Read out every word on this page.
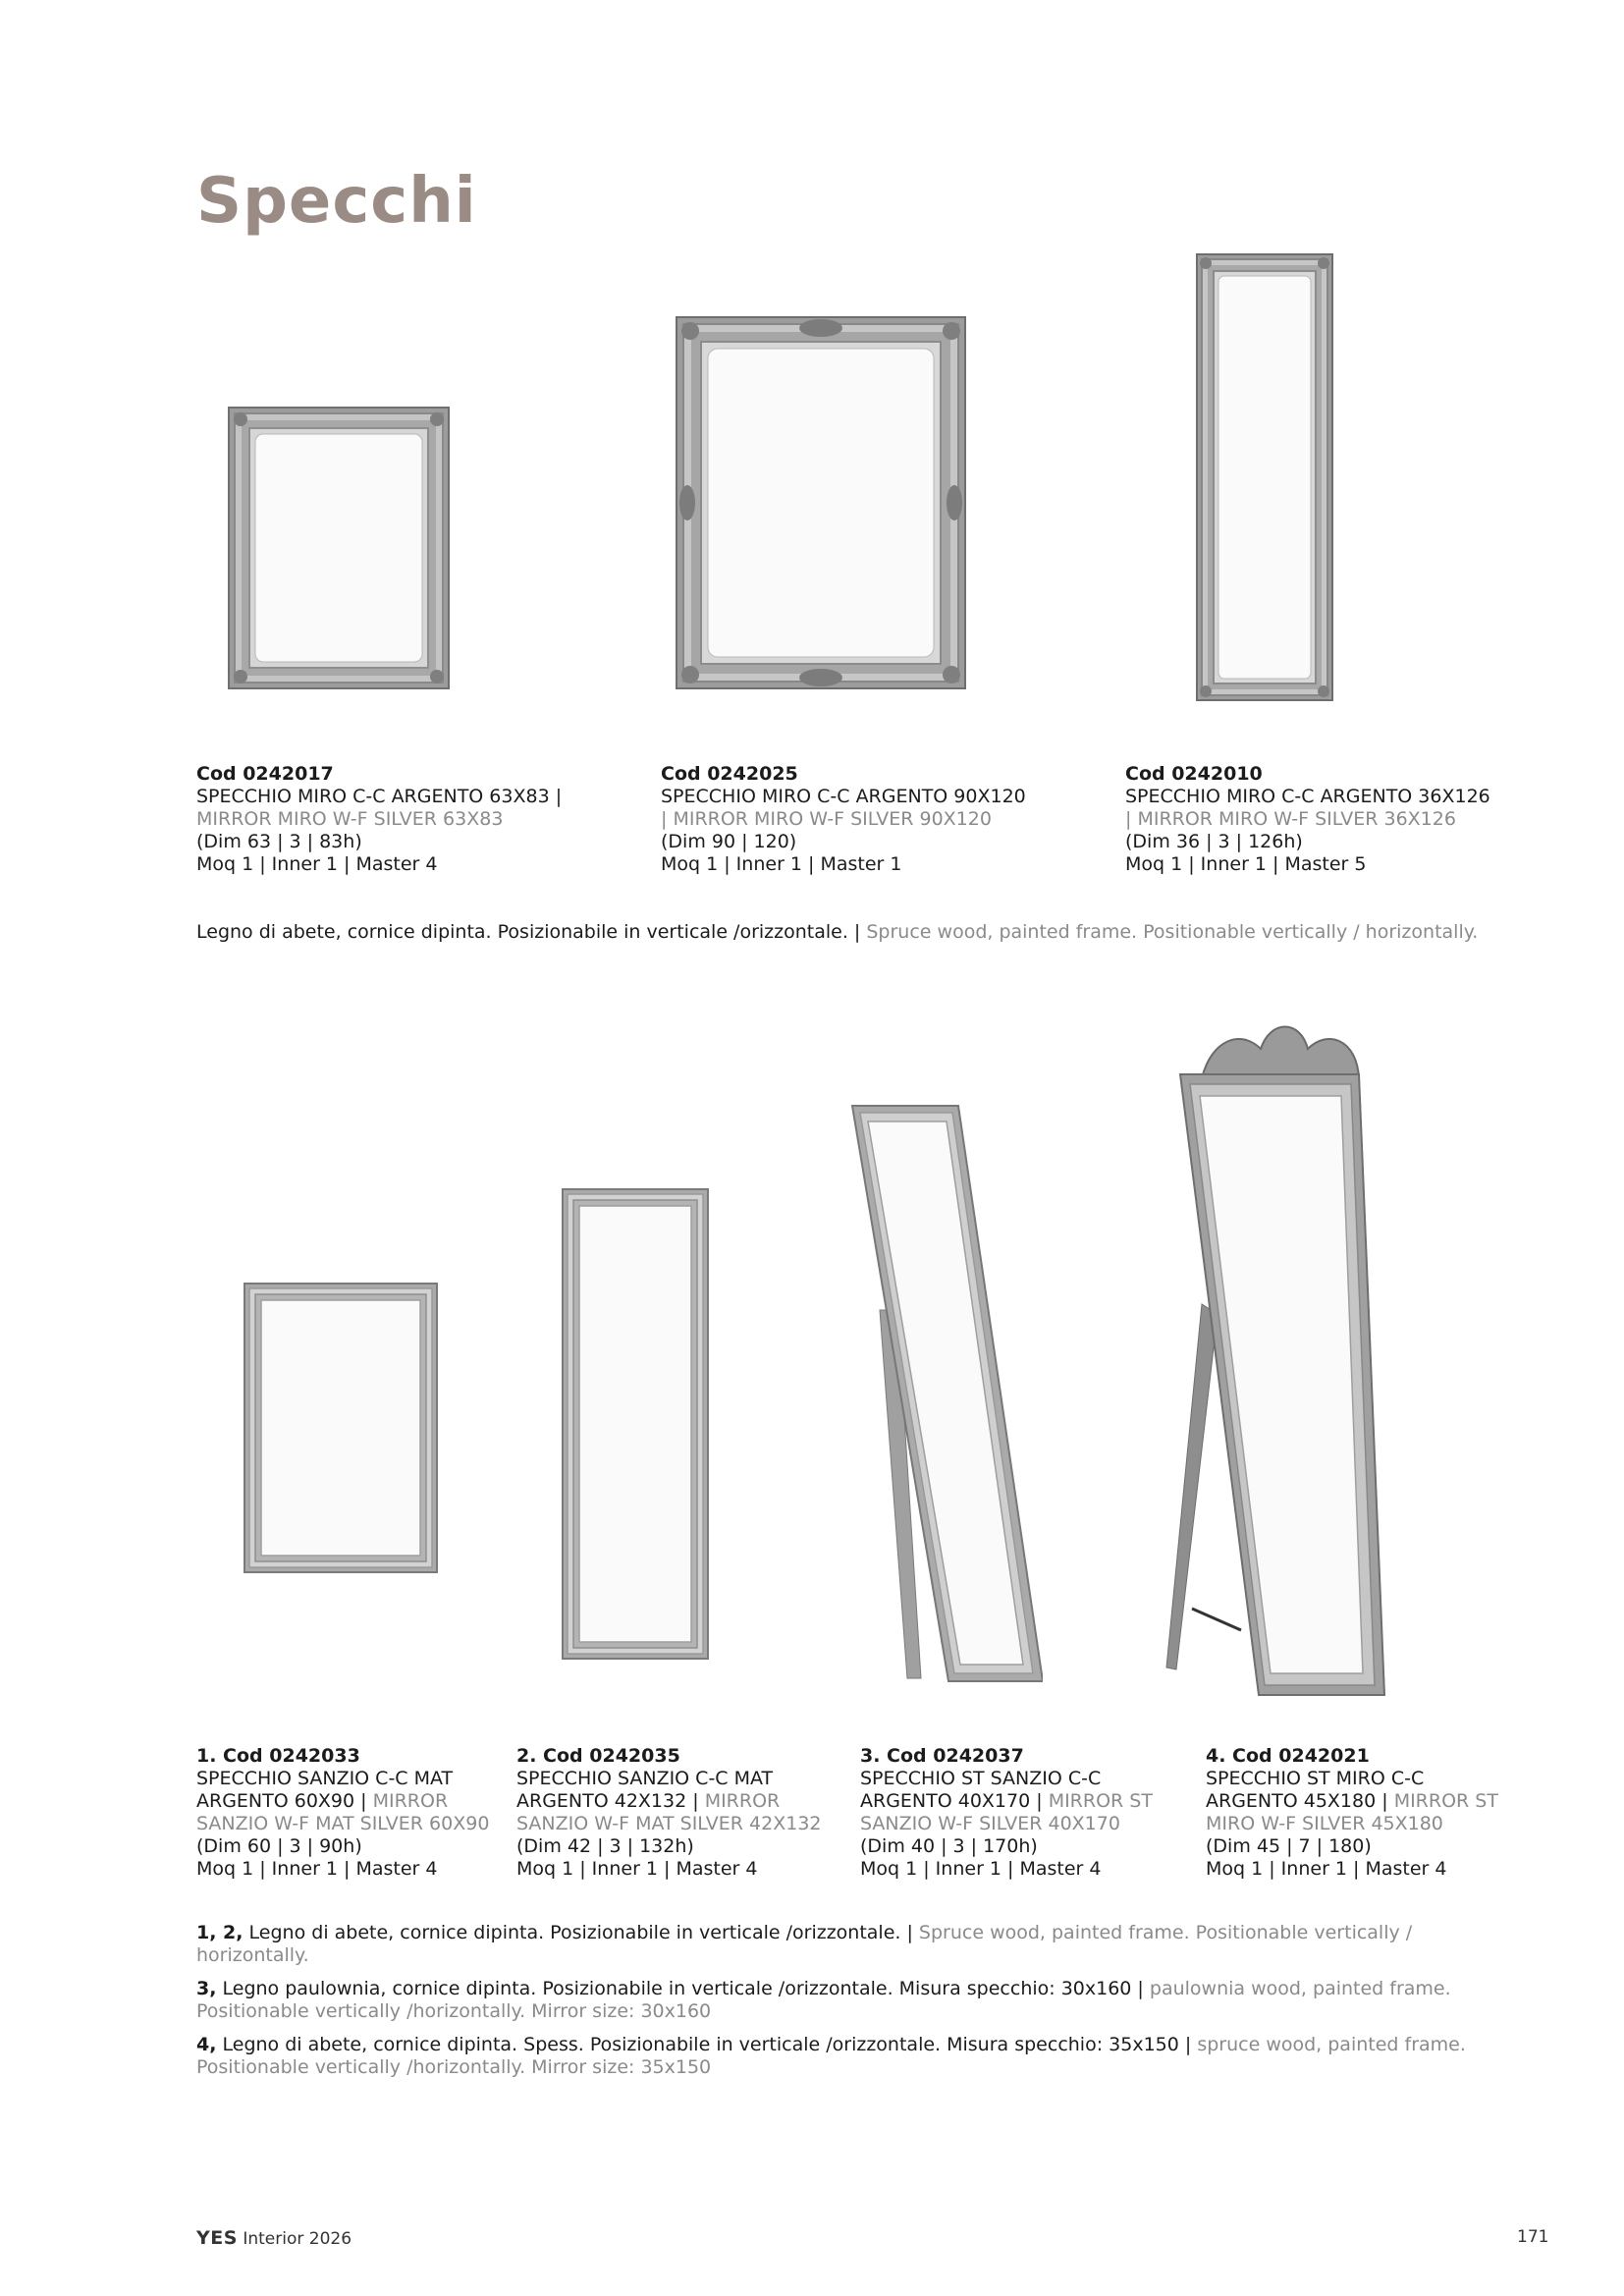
Specchi
Cod 0242017
SPECCHIO MIRO C-C ARGENTO 63X83 |
MIRROR MIRO W-F SILVER 63X83
(Dim 63 | 3 | 83h)
Moq 1 | Inner 1 | Master 4
Cod 0242025
SPECCHIO MIRO C-C ARGENTO 90X120
| MIRROR MIRO W-F SILVER 90X120
(Dim 90 | 120)
Moq 1 | Inner 1 | Master 1
Cod 0242010
SPECCHIO MIRO C-C ARGENTO 36X126
| MIRROR MIRO W-F SILVER 36X126
(Dim 36 | 3 | 126h)
Moq 1 | Inner 1 | Master 5
Legno di abete, cornice dipinta. Posizionabile in verticale /orizzontale. | Spruce wood, painted frame. Positionable vertically / horizontally.
1. Cod 0242033
SPECCHIO SANZIO C-C MAT
ARGENTO 60X90 | MIRROR
SANZIO W-F MAT SILVER 60X90
(Dim 60 | 3 | 90h)
Moq 1 | Inner 1 | Master 4
2. Cod 0242035
SPECCHIO SANZIO C-C MAT
ARGENTO 42X132 | MIRROR
SANZIO W-F MAT SILVER 42X132
(Dim 42 | 3 | 132h)
Moq 1 | Inner 1 | Master 4
3. Cod 0242037
SPECCHIO ST SANZIO C-C
ARGENTO 40X170 | MIRROR ST
SANZIO W-F SILVER 40X170
(Dim 40 | 3 | 170h)
Moq 1 | Inner 1 | Master 4
4. Cod 0242021
SPECCHIO ST MIRO C-C
ARGENTO 45X180 | MIRROR ST
MIRO W-F SILVER 45X180
(Dim 45 | 7 | 180)
Moq 1 | Inner 1 | Master 4
1, 2, Legno di abete, cornice dipinta. Posizionabile in verticale /orizzontale. | Spruce wood, painted frame. Positionable vertically / horizontally.
3, Legno paulownia, cornice dipinta. Posizionabile in verticale /orizzontale. Misura specchio: 30x160 | paulownia wood, painted frame. Positionable vertically /horizontally. Mirror size: 30x160
4, Legno di abete, cornice dipinta. Spess. Posizionabile in verticale /orizzontale. Misura specchio: 35x150 | spruce wood, painted frame. Positionable vertically /horizontally. Mirror size: 35x150
YES Interior 2026	171
